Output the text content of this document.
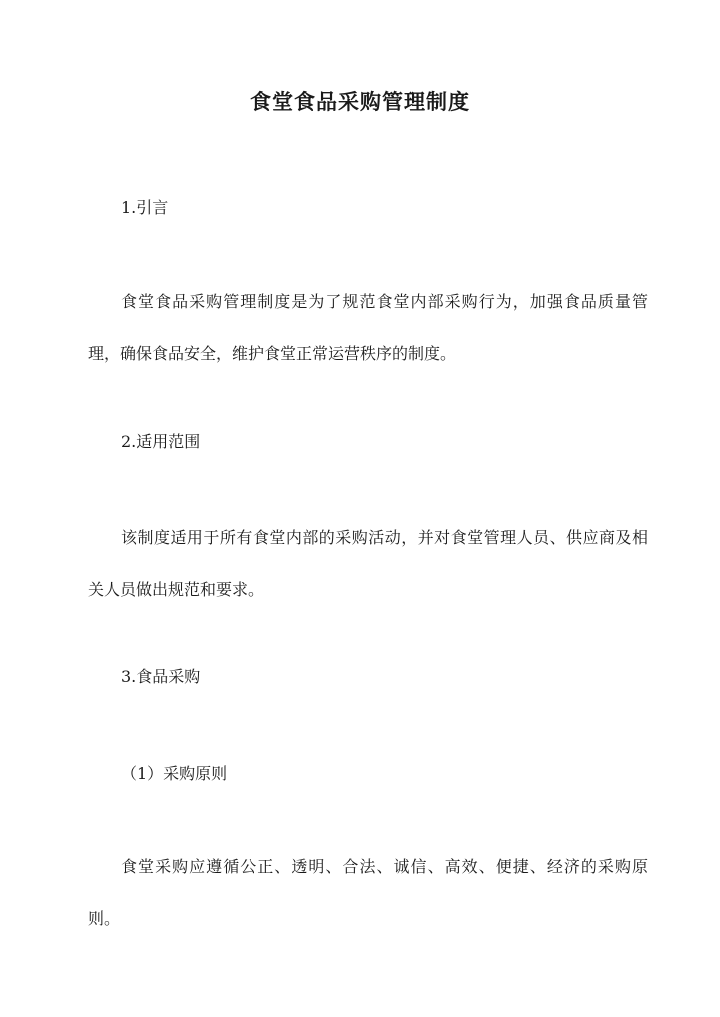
食堂食品采购管理制度
1.引言

食堂食品采购管理制度是为了规范食堂内部采购行为，加强食品质量管理，确保食品安全，维护食堂正常运营秩序的制度。

2.适用范围

该制度适用于所有食堂内部的采购活动，并对食堂管理人员、供应商及相关人员做出规范和要求。

3.食品采购
（1）采购原则

食堂采购应遵循公正、透明、合法、诚信、高效、便捷、经济的采购原则。
